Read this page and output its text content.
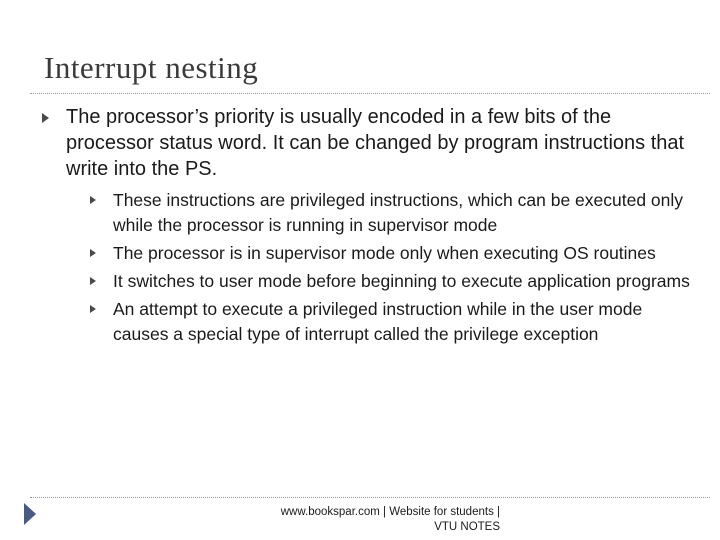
Interrupt nesting
The processor’s priority is usually encoded in a few bits of the processor status word. It can be changed by program instructions that write into the PS.
These instructions are privileged instructions, which can be executed only while the processor is running in supervisor mode
The processor is in supervisor mode only when executing OS routines
It switches to user mode before beginning to execute application programs
An attempt to execute a privileged instruction while in the user mode causes a special type of interrupt called the privilege exception
www.bookspar.com | Website for students |
VTU NOTES
